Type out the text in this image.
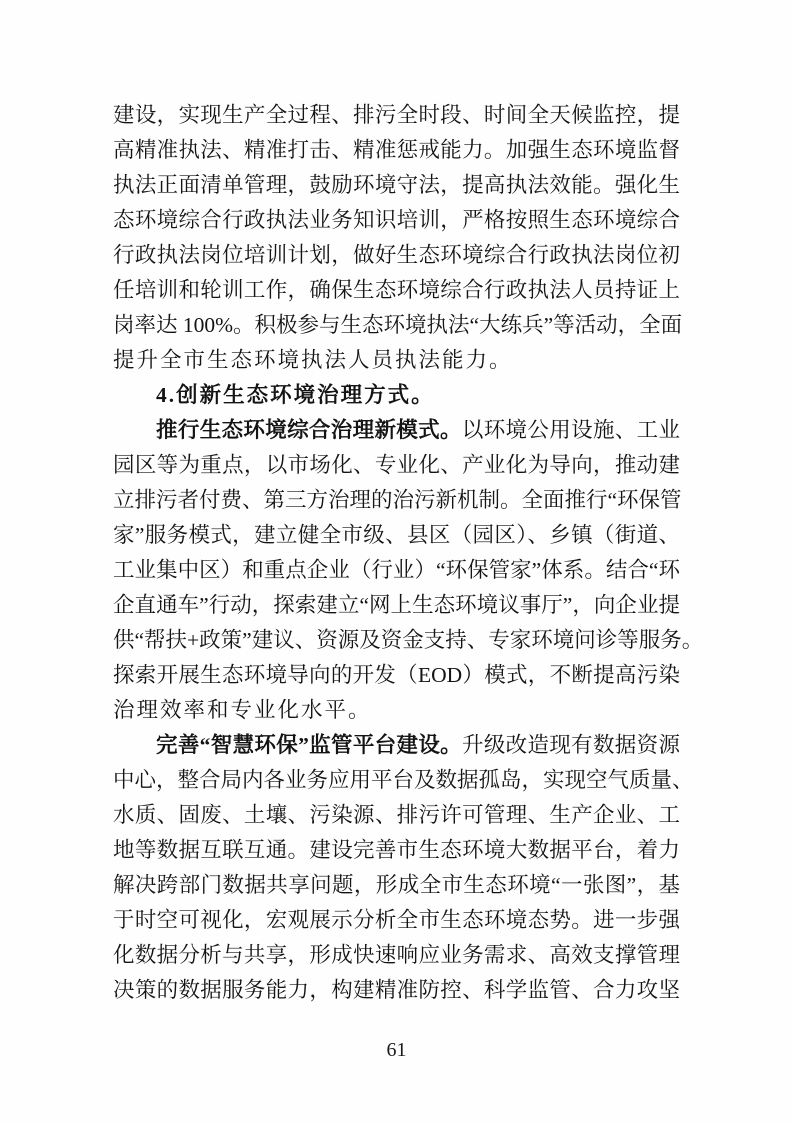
建设，实现生产全过程、排污全时段、时间全天候监控，提
高精准执法、精准打击、精准惩戒能力。加强生态环境监督
执法正面清单管理，鼓励环境守法，提高执法效能。强化生
态环境综合行政执法业务知识培训，严格按照生态环境综合
行政执法岗位培训计划，做好生态环境综合行政执法岗位初
任培训和轮训工作，确保生态环境综合行政执法人员持证上
岗率达 100%。积极参与生态环境执法“大练兵”等活动，全面
提升全市生态环境执法人员执法能力。
4.创新生态环境治理方式。
推行生态环境综合治理新模式。以环境公用设施、工业
园区等为重点，以市场化、专业化、产业化为导向，推动建
立排污者付费、第三方治理的治污新机制。全面推行“环保管
家”服务模式，建立健全市级、县区（园区）、乡镇（街道、
工业集中区）和重点企业（行业）“环保管家”体系。结合“环
企直通车”行动，探索建立“网上生态环境议事厅”，向企业提
供“帮扶+政策”建议、资源及资金支持、专家环境问诊等服务。
探索开展生态环境导向的开发（EOD）模式，不断提高污染
治理效率和专业化水平。
完善“智慧环保”监管平台建设。升级改造现有数据资源
中心，整合局内各业务应用平台及数据孤岛，实现空气质量、
水质、固废、土壤、污染源、排污许可管理、生产企业、工
地等数据互联互通。建设完善市生态环境大数据平台，着力
解决跨部门数据共享问题，形成全市生态环境“一张图”，基
于时空可视化，宏观展示分析全市生态环境态势。进一步强
化数据分析与共享，形成快速响应业务需求、高效支撑管理
决策的数据服务能力，构建精准防控、科学监管、合力攻坚
61
